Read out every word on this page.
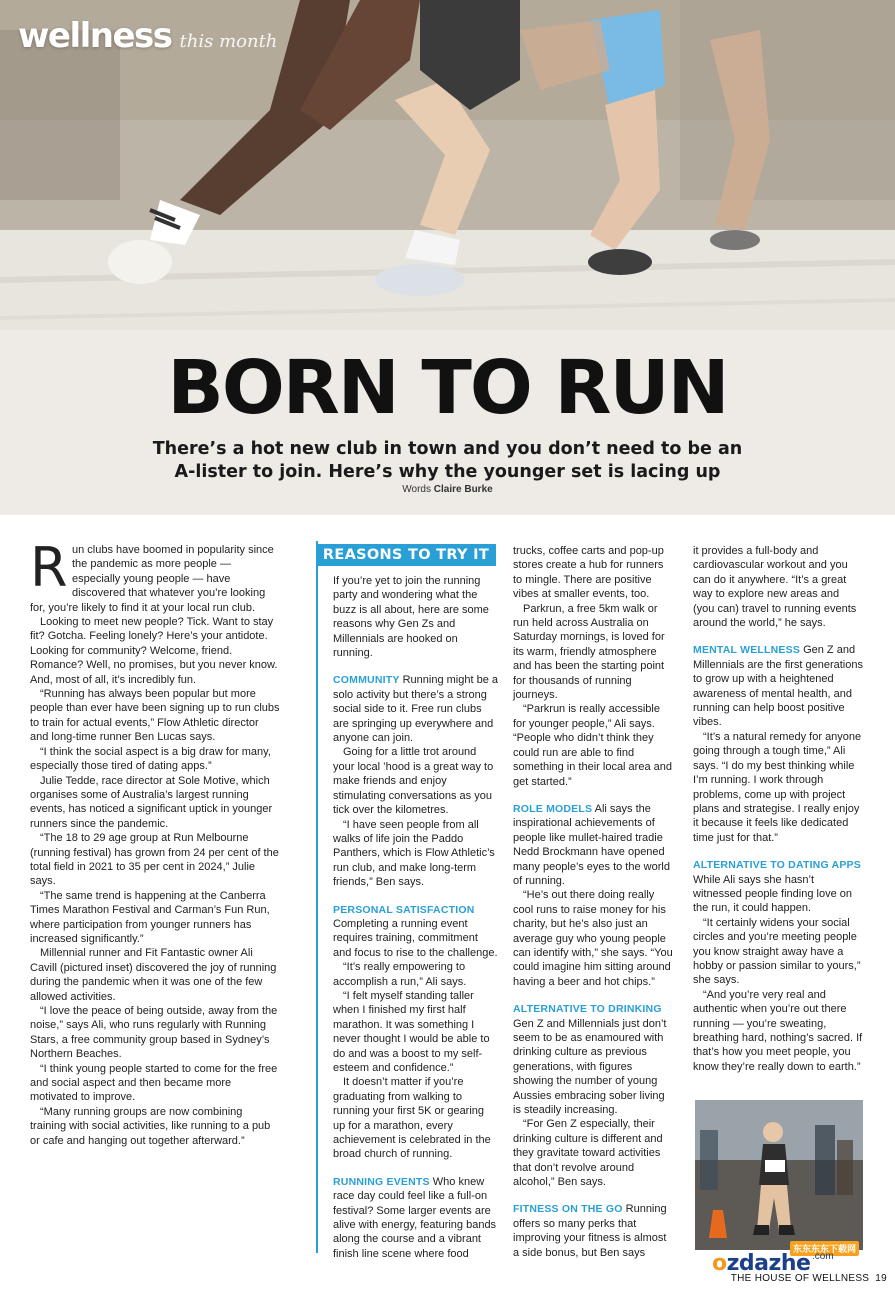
wellness this month
BORN TO RUN
There’s a hot new club in town and you don’t need to be an
A-lister to join. Here’s why the younger set is lacing up
Words Claire Burke

Run clubs have boomed in popularity since the pandemic as more people — especially young people — have discovered that whatever you’re looking for, you’re likely to find it at your local run club.

Looking to meet new people? Tick. Want to stay fit? Gotcha. Feeling lonely? Here’s your antidote. Looking for community? Welcome, friend. Romance? Well, no promises, but you never know. And, most of all, it’s incredibly fun.

“Running has always been popular but more people than ever have been signing up to run clubs to train for actual events,” Flow Athletic director and long-time runner Ben Lucas says.

“I think the social aspect is a big draw for many, especially those tired of dating apps.”

Julie Tedde, race director at Sole Motive, which organises some of Australia’s largest running events, has noticed a significant uptick in younger runners since the pandemic.

“The 18 to 29 age group at Run Melbourne (running festival) has grown from 24 per cent of the total field in 2021 to 35 per cent in 2024,” Julie says.

“The same trend is happening at the Canberra Times Marathon Festival and Carman’s Fun Run, where participation from younger runners has increased significantly.”

Millennial runner and Fit Fantastic owner Ali Cavill (pictured inset) discovered the joy of running during the pandemic when it was one of the few allowed activities.

“I love the peace of being outside, away from the noise,” says Ali, who runs regularly with Running Stars, a free community group based in Sydney’s Northern Beaches.

“I think young people started to come for the free and social aspect and then became more motivated to improve.

“Many running groups are now combining training with social activities, like running to a pub or cafe and hanging out together afterward.”

REASONS TO TRY IT

If you’re yet to join the running party and wondering what the buzz is all about, here are some reasons why Gen Zs and Millennials are hooked on running.

COMMUNITY Running might be a solo activity but there’s a strong social side to it. Free run clubs are springing up everywhere and anyone can join.

Going for a little trot around your local ’hood is a great way to make friends and enjoy stimulating conversations as you tick over the kilometres.

“I have seen people from all walks of life join the Paddo Panthers, which is Flow Athletic’s run club, and make long-term friends,” Ben says.

PERSONAL SATISFACTION

Completing a running event requires training, commitment and focus to rise to the challenge.

“It’s really empowering to accomplish a run,” Ali says.

“I felt myself standing taller when I finished my first half marathon. It was something I never thought I would be able to do and was a boost to my self-esteem and confidence.”

It doesn’t matter if you’re graduating from walking to running your first 5K or gearing up for a marathon, every achievement is celebrated in the broad church of running.

RUNNING EVENTS Who knew race day could feel like a full-on festival? Some larger events are alive with energy, featuring bands along the course and a vibrant finish line scene where food

trucks, coffee carts and pop-up stores create a hub for runners to mingle. There are positive vibes at smaller events, too.

Parkrun, a free 5km walk or run held across Australia on Saturday mornings, is loved for its warm, friendly atmosphere and has been the starting point for thousands of running journeys.

“Parkrun is really accessible for younger people,” Ali says. “People who didn’t think they could run are able to find something in their local area and get started.”

ROLE MODELS Ali says the inspirational achievements of people like mullet-haired tradie Nedd Brockmann have opened many people’s eyes to the world of running.

“He’s out there doing really cool runs to raise money for his charity, but he’s also just an average guy who young people can identify with,” she says. “You could imagine him sitting around having a beer and hot chips.”

ALTERNATIVE TO DRINKING

Gen Z and Millennials just don’t seem to be as enamoured with drinking culture as previous generations, with figures showing the number of young Aussies embracing sober living is steadily increasing.

“For Gen Z especially, their drinking culture is different and they gravitate toward activities that don’t revolve around alcohol,” Ben says.

FITNESS ON THE GO Running offers so many perks that improving your fitness is almost a side bonus, but Ben says

it provides a full-body and cardiovascular workout and you can do it anywhere. “It’s a great way to explore new areas and (you can) travel to running events around the world,” he says.

MENTAL WELLNESS Gen Z and Millennials are the first generations to grow up with a heightened awareness of mental health, and running can help boost positive vibes.

“It’s a natural remedy for anyone going through a tough time,” Ali says. “I do my best thinking while I’m running. I work through problems, come up with project plans and strategise. I really enjoy it because it feels like dedicated time just for that.”

ALTERNATIVE TO DATING APPS While Ali says she hasn’t witnessed people finding love on the run, it could happen.

“It certainly widens your social circles and you’re meeting people you know straight away have a hobby or passion similar to yours,” she says.

“And you’re very real and authentic when you’re out there running — you’re sweating, breathing hard, nothing’s sacred. If that’s how you meet people, you know they’re really down to earth.”

东东东东下载网
ozdazhe .com
THE HOUSE OF WELLNESS 19
